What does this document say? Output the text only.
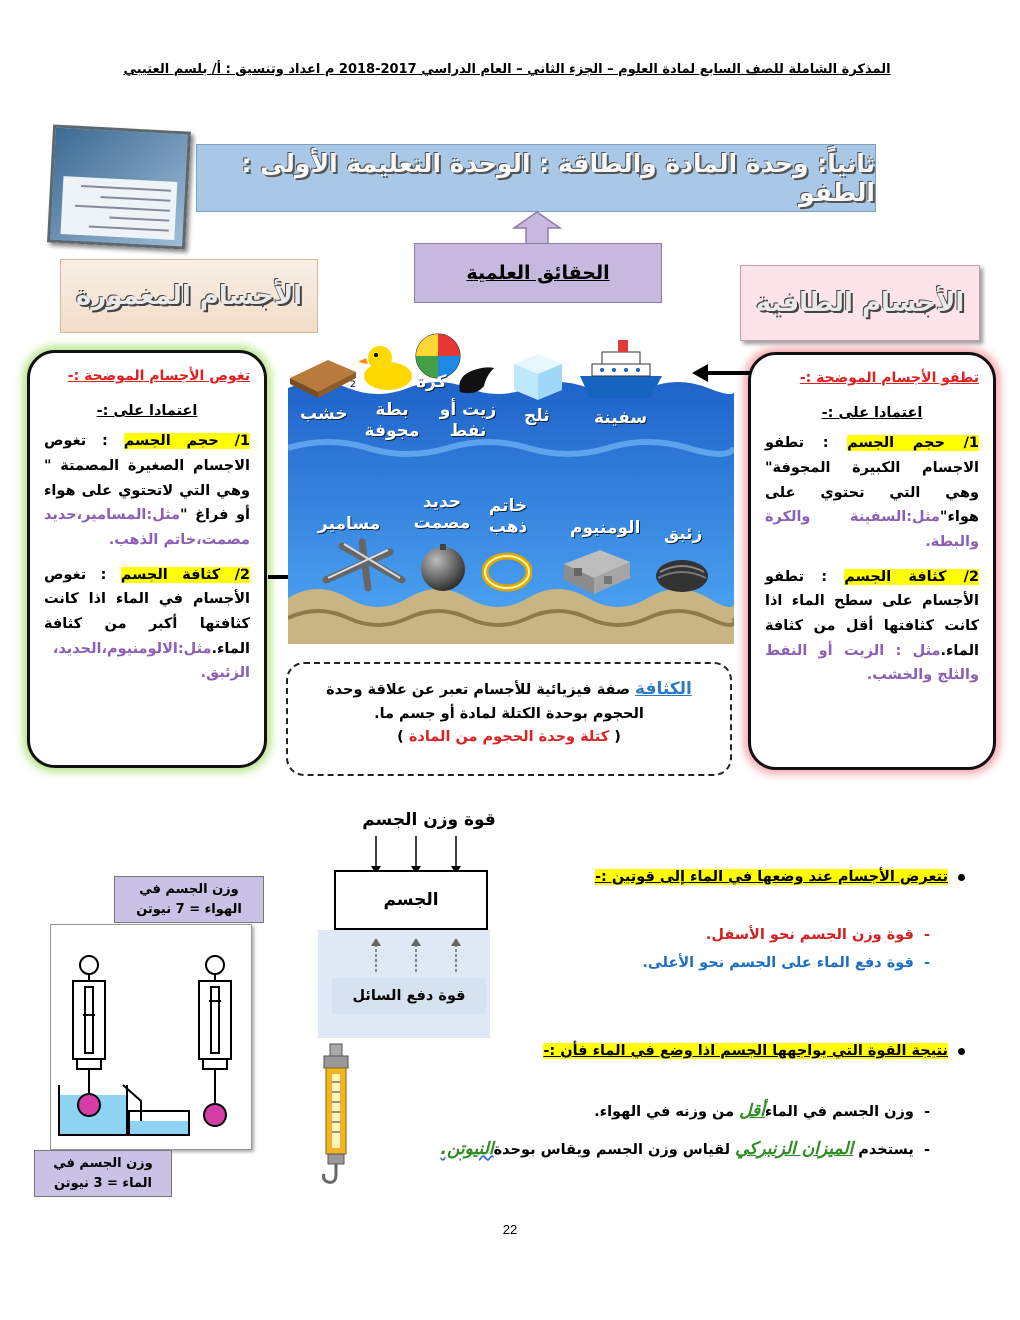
المذكرة الشاملة للصف السابع لمادة العلوم – الجزء الثاني – العام الدراسي 2017-2018 م اعداد وتنسيق : أ/ بلسم العتيبي
ثانياً: وحدة المادة والطاقة : الوحدة التعليمة الأولى : الطفو
الحقائق العلمية
الأجسام المغمورة	الأجسام الطافية
تغوص الأجسام الموضحة :-
اعتمادا على :-
1/ حجم الجسم : تغوص الاجسام الصغيرة المصمتة " وهي التي لاتحتوي على هواء أو فراغ "مثل:المسامير،حديد مصمت،خاتم الذهب.
2/ كثافة الجسم : تغوص الأجسام في الماء اذا كانت كثافتها أكبر من كثافة الماء.مثل:الالومنيوم،الحديد، الزئبق.
تطفو الأجسام الموضحة :-
اعتمادا على :-
1/ حجم الجسم : تطفو الاجسام الكبيرة المجوفة" وهي التي تحتوي على هواء"مثل:السفينة والكرة والبطة.
2/ كثافة الجسم : تطفو الأجسام على سطح الماء اذا كانت كثافتها أقل من كثافة الماء.مثل : الزيت أو النفط والثلج والخشب.
2
خشب	بطة مجوفة
كرة
زيت أو نفط
ثلج	سفينة
مسامير
حديد مصمت
خاتم ذهب	الومنيوم زئبق
الكثافة صفة فيزيائية للأجسام تعبر عن علاقة وحدة الحجوم بوحدة الكتلة لمادة أو جسم ما.
( كتلة وحدة الحجوم من المادة )
قوة وزن الجسم
الجسم
قوة دفع السائل
تتعرض الأجسام عند وضعها في الماء إلى قوتين :-
-  قوة وزن الجسم نحو الأسفل.
-  قوة دفع الماء على الجسم نحو الأعلى.
نتيجة القوة التي يواجهها الجسم اذا وضع في الماء فأن :-
-  وزن الجسم في الماءأقل من وزنه في الهواء.
-  يستخدم الميزان الزنبركي لقياس وزن الجسم ويقاس بوحدةالنيوتن.
وزن الجسم في الهواء = 7 نيوتن
وزن الجسم في الماء = 3 نيوتن
22
